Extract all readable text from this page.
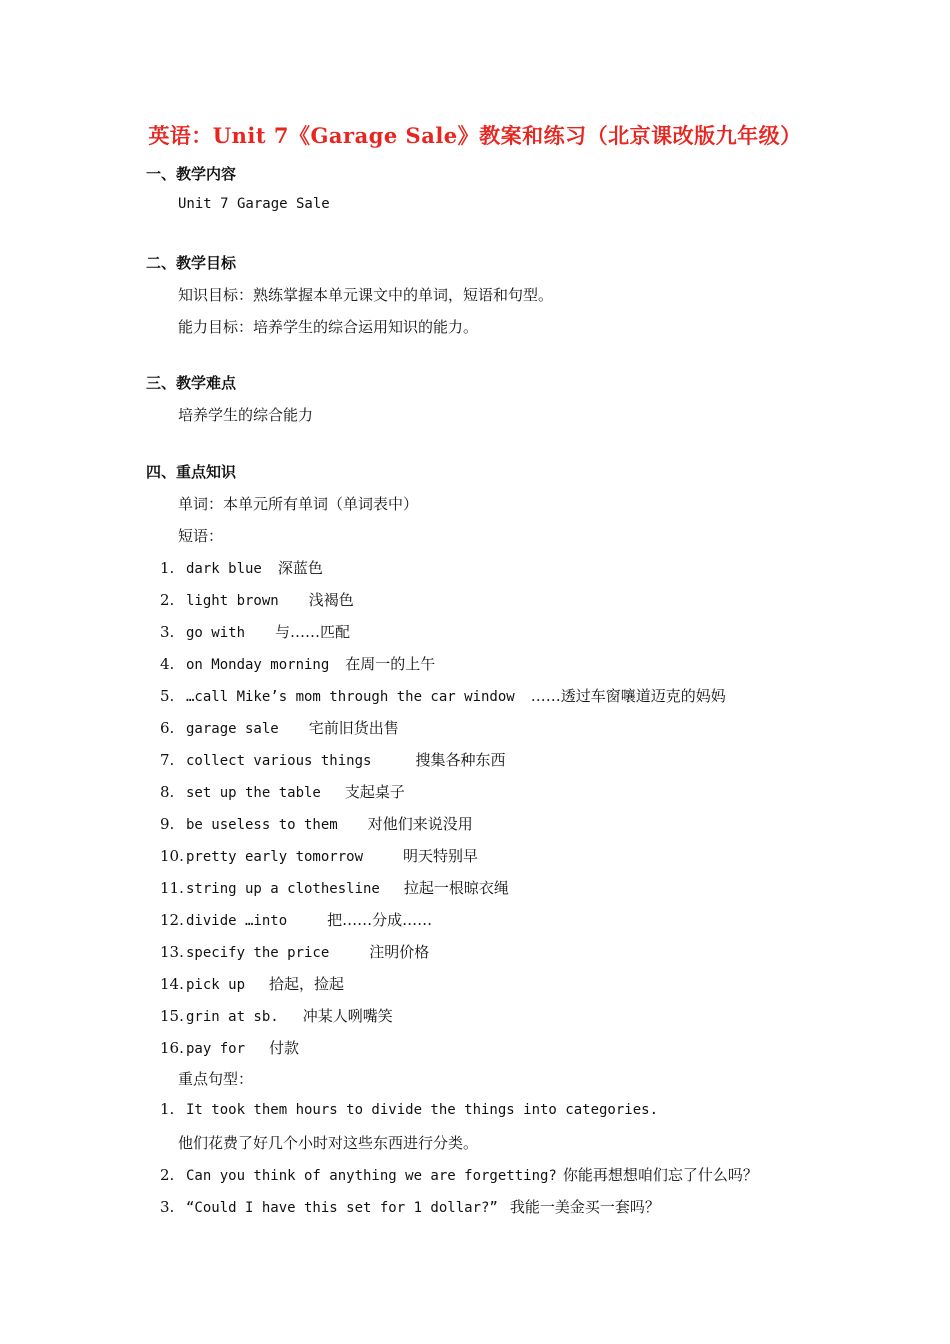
英语：Unit 7《Garage Sale》教案和练习（北京课改版九年级）
一、教学内容
Unit 7 Garage Sale
二、教学目标
知识目标：熟练掌握本单元课文中的单词，短语和句型。
能力目标：培养学生的综合运用知识的能力。
三、教学难点
培养学生的综合能力
四、重点知识
单词：本单元所有单词（单词表中）
短语：
1. dark blue 深蓝色
2. light brown 浅褐色
3. go with 与……匹配
4. on Monday morning 在周一的上午
5. …call Mike’s mom through the car window ……透过车窗嚷道迈克的妈妈
6. garage sale 宅前旧货出售
7. collect various things	搜集各种东西
8. set up the table 支起桌子
9. be useless to them 对他们来说没用
10. pretty early tomorrow	明天特别早
11. string up a clothesline 拉起一根晾衣绳
12. divide …into	把……分成……
13. specify the price	注明价格
14. pick up 拾起，捡起
15. grin at sb. 冲某人咧嘴笑
16. pay for 付款
重点句型：
1. It took them hours to divide the things into categories.
他们花费了好几个小时对这些东西进行分类。
2. Can you think of anything we are forgetting? 你能再想想咱们忘了什么吗？
3. “Could I have this set for 1 dollar?” 我能一美金买一套吗？
